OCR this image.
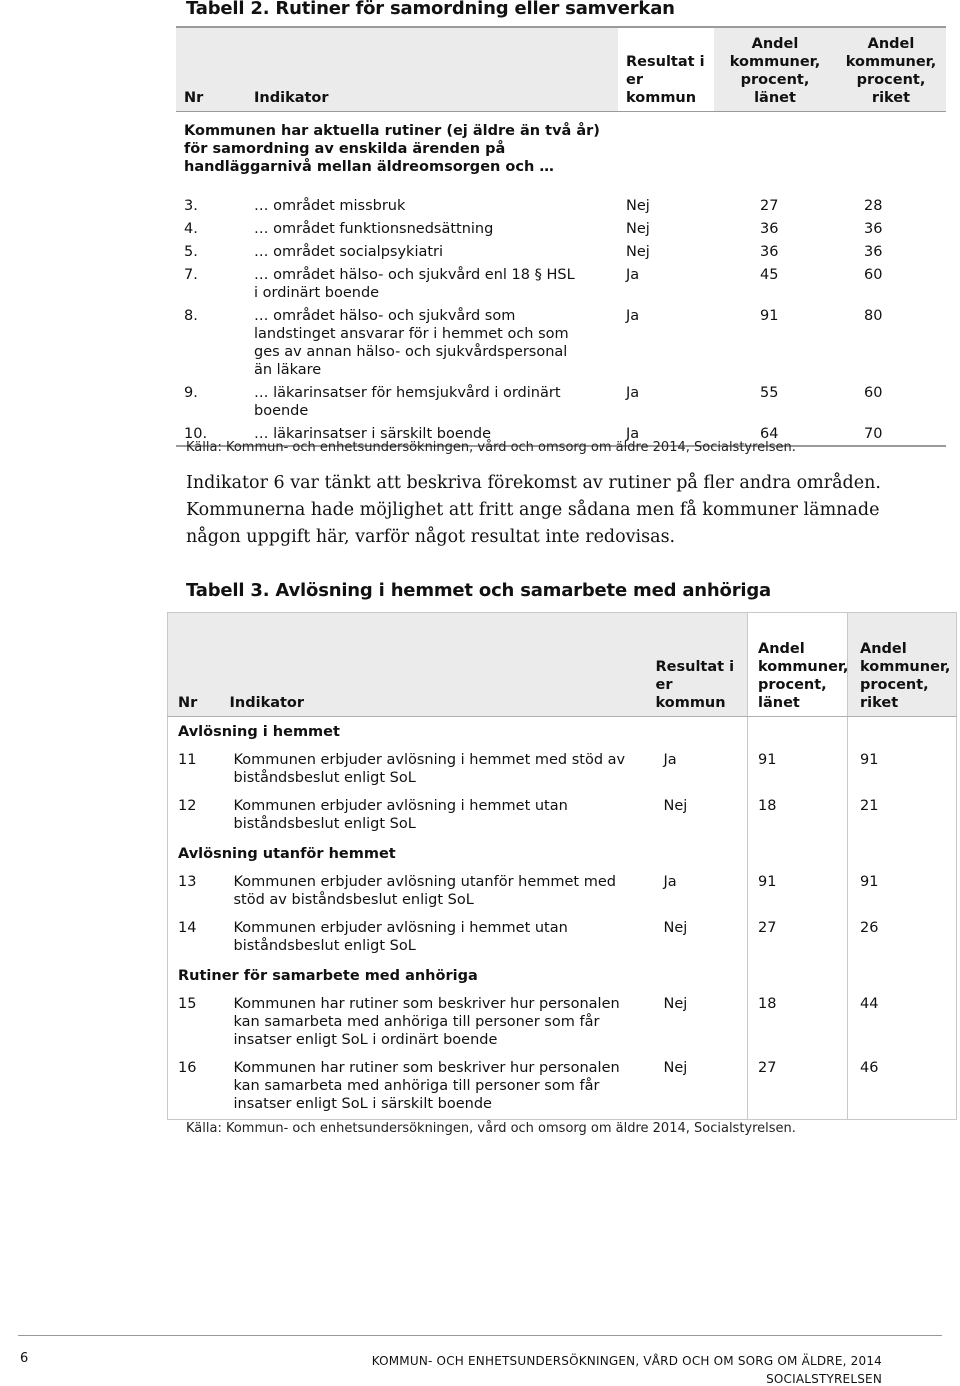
Tabell 2. Rutiner för samordning eller samverkan
Nr	Indikator	Resultat i er kommun	Andel kommuner, procent, länet	Andel kommuner, procent, riket
Kommunen har aktuella rutiner (ej äldre än två år) för samordning av enskilda ärenden på handläggarnivå mellan äldreomsorgen och …				
3.	… området missbruk	Nej	27	28
4.	… området funktionsnedsättning	Nej	36	36
5.	… området socialpsykiatri	Nej	36	36
7.	… området hälso- och sjukvård enl 18 § HSL i ordinärt boende	Ja	45	60
8.	… området hälso- och sjukvård som landstinget ansvarar för i hemmet och som ges av annan hälso- och sjukvårdspersonal än läkare	Ja	91	80
9.	… läkarinsatser för hemsjukvård i ordinärt boende	Ja	55	60
10.	… läkarinsatser i särskilt boende	Ja	64	70
Källa: Kommun- och enhetsundersökningen, vård och omsorg om äldre 2014, Socialstyrelsen.
Indikator 6 var tänkt att beskriva förekomst av rutiner på fler andra områden. Kommunerna hade möjlighet att fritt ange sådana men få kommuner lämnade någon uppgift här, varför något resultat inte redovisas.
Tabell 3. Avlösning i hemmet och samarbete med anhöriga
Nr	Indikator	Resultat i er kommun	Andel kommuner, procent, länet	Andel kommuner, procent, riket
Avlösning i hemmet				
11	Kommunen erbjuder avlösning i hemmet med stöd av biståndsbeslut enligt SoL	Ja	91	91
12	Kommunen erbjuder avlösning i hemmet utan biståndsbeslut enligt SoL	Nej	18	21
Avlösning utanför hemmet				
13	Kommunen erbjuder avlösning utanför hemmet med stöd av biståndsbeslut enligt SoL	Ja	91	91
14	Kommunen erbjuder avlösning i hemmet utan biståndsbeslut enligt SoL	Nej	27	26
Rutiner för samarbete med anhöriga				
15	Kommunen har rutiner som beskriver hur personalen kan samarbeta med anhöriga till personer som får insatser enligt SoL i ordinärt boende	Nej	18	44
16	Kommunen har rutiner som beskriver hur personalen kan samarbeta med anhöriga till personer som får insatser enligt SoL i särskilt boende	Nej	27	46
Källa: Kommun- och enhetsundersökningen, vård och omsorg om äldre 2014, Socialstyrelsen.
6	KOMMUN- OCH ENHETSUNDERSÖKNINGEN, VÅRD OCH OM SORG OM ÄLDRE, 2014
SOCIALSTYRELSEN
